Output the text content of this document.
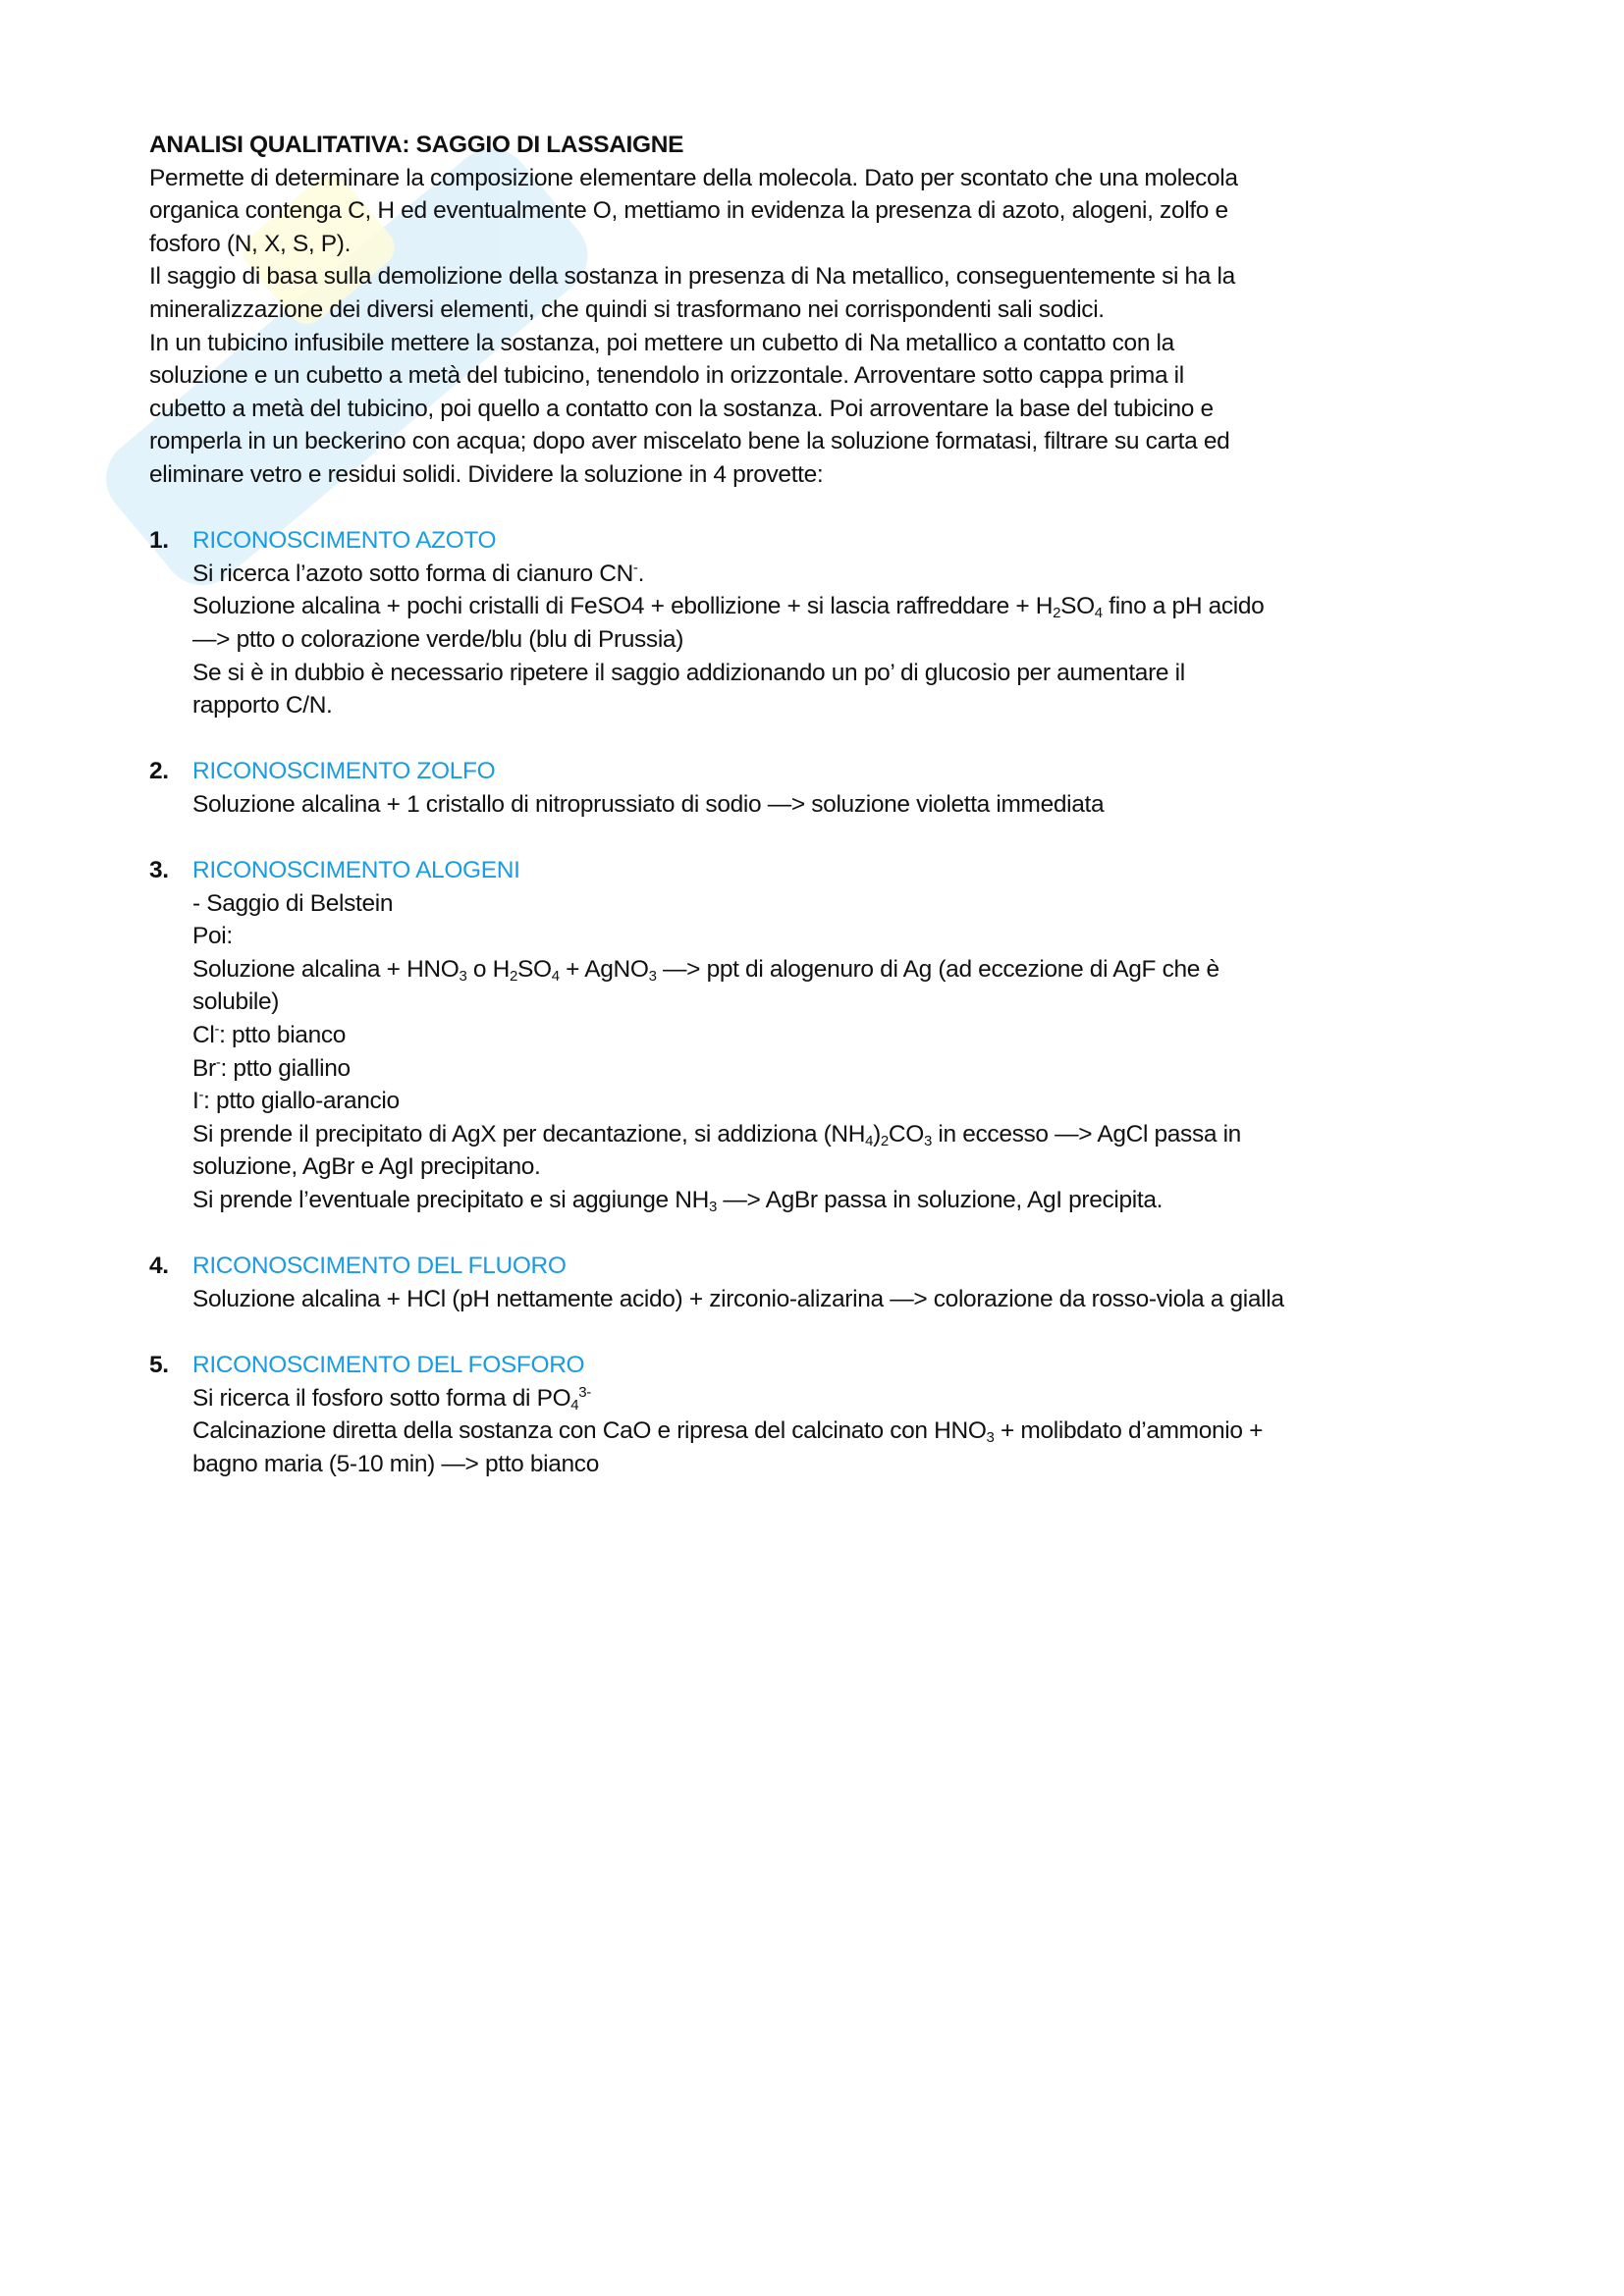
ANALISI QUALITATIVA: SAGGIO DI LASSAIGNE
Permette di determinare la composizione elementare della molecola. Dato per scontato che una molecola
organica contenga C, H ed eventualmente O, mettiamo in evidenza la presenza di azoto, alogeni, zolfo e
fosforo (N, X, S, P).
Il saggio di basa sulla demolizione della sostanza in presenza di Na metallico, conseguentemente si ha la
mineralizzazione dei diversi elementi, che quindi si trasformano nei corrispondenti sali sodici.
In un tubicino infusibile mettere la sostanza, poi mettere un cubetto di Na metallico a contatto con la
soluzione e un cubetto a metà del tubicino, tenendolo in orizzontale. Arroventare sotto cappa prima il
cubetto a metà del tubicino, poi quello a contatto con la sostanza. Poi arroventare la base del tubicino e
romperla in un beckerino con acqua; dopo aver miscelato bene la soluzione formatasi, filtrare su carta ed
eliminare vetro e residui solidi. Dividere la soluzione in 4 provette:
1. RICONOSCIMENTO AZOTO
Si ricerca l’azoto sotto forma di cianuro CN-.
Soluzione alcalina + pochi cristalli di FeSO4 + ebollizione + si lascia raffreddare + $H_2SO_4$ fino a pH acido
—> ptto o colorazione verde/blu (blu di Prussia)
Se si è in dubbio è necessario ripetere il saggio addizionando un po’ di glucosio per aumentare il
rapporto C/N.
2. RICONOSCIMENTO ZOLFO
Soluzione alcalina + 1 cristallo di nitroprussiato di sodio —> soluzione violetta immediata
3. RICONOSCIMENTO ALOGENI
- Saggio di Belstein
Poi:
Soluzione alcalina + $HNO_3$ o $H_2SO_4$ + AgNO$_3$ —> ppt di alogenuro di Ag (ad eccezione di AgF che è
solubile)
Cl-: ptto bianco
Br-: ptto giallino
I-: ptto giallo-arancio
Si prende il precipitato di AgX per decantazione, si addiziona $(NH_4)_2CO_3$ in eccesso —> AgCl passa in
soluzione, AgBr e AgI precipitano.
Si prende l’eventuale precipitato e si aggiunge $NH_3$ —> AgBr passa in soluzione, AgI precipita.
4. RICONOSCIMENTO DEL FLUORO
Soluzione alcalina + HCl (pH nettamente acido) + zirconio-alizarina —> colorazione da rosso-viola a gialla
5. RICONOSCIMENTO DEL FOSFORO
Si ricerca il fosforo sotto forma di $PO_4^{3-}$
Calcinazione diretta della sostanza con CaO e ripresa del calcinato con $HNO_3$ + molibdato d’ammonio +
bagno maria (5-10 min) —> ptto bianco
